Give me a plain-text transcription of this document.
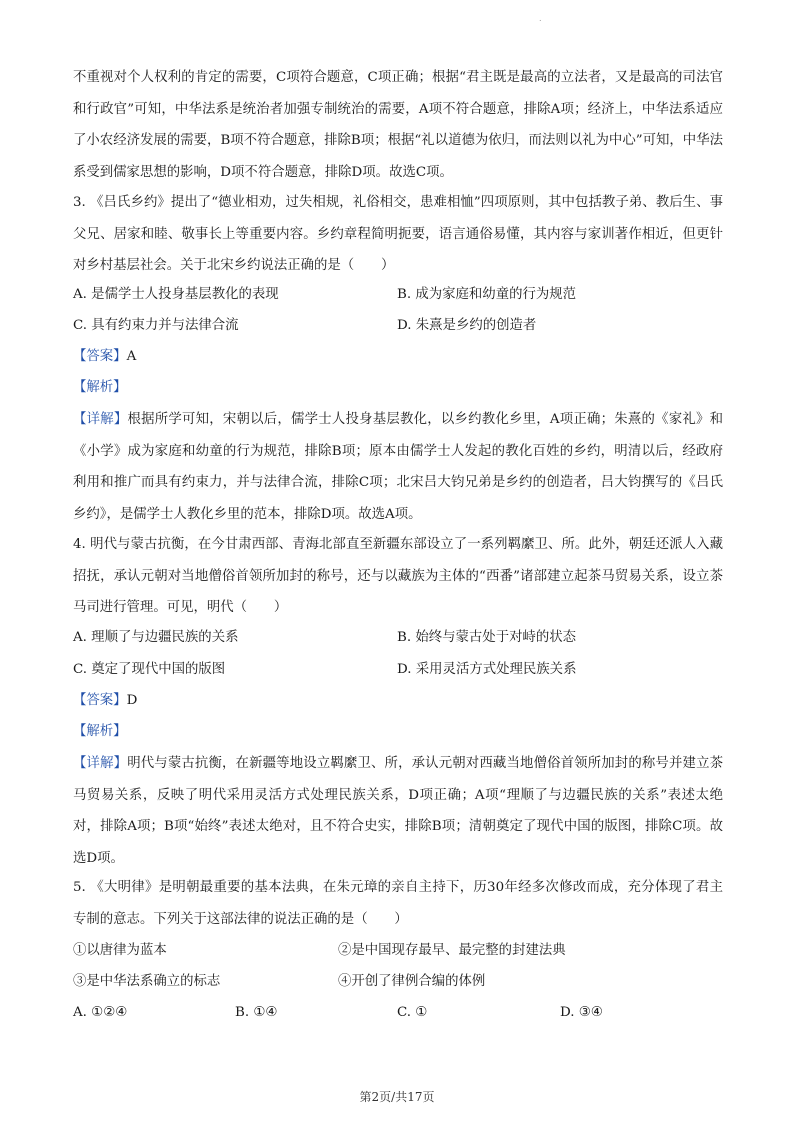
.

不重视对个人权利的肯定的需要，C项符合题意，C项正确；根据“君主既是最高的立法者，又是最高的司法官和行政官”可知，中华法系是统治者加强专制统治的需要，A项不符合题意，排除A项；经济上，中华法系适应了小农经济发展的需要，B项不符合题意，排除B项；根据“礼以道德为依归，而法则以礼为中心”可知，中华法系受到儒家思想的影响，D项不符合题意，排除D项。故选C项。

3. 《吕氏乡约》提出了“德业相劝，过失相规，礼俗相交，患难相恤”四项原则，其中包括教子弟、教后生、事父兄、居家和睦、敬事长上等重要内容。乡约章程简明扼要，语言通俗易懂，其内容与家训著作相近，但更针对乡村基层社会。关于北宋乡约说法正确的是（　　）

A. 是儒学士人投身基层教化的表现	B. 成为家庭和幼童的行为规范
C. 具有约束力并与法律合流	D. 朱熹是乡约的创造者
【答案】A
【解析】

【详解】根据所学可知，宋朝以后，儒学士人投身基层教化，以乡约教化乡里，A项正确；朱熹的《家礼》和《小学》成为家庭和幼童的行为规范，排除B项；原本由儒学士人发起的教化百姓的乡约，明清以后，经政府利用和推广而具有约束力，并与法律合流，排除C项；北宋吕大钧兄弟是乡约的创造者，吕大钧撰写的《吕氏乡约》，是儒学士人教化乡里的范本，排除D项。故选A项。

4. 明代与蒙古抗衡，在今甘肃西部、青海北部直至新疆东部设立了一系列羁縻卫、所。此外，朝廷还派人入藏招抚，承认元朝对当地僧俗首领所加封的称号，还与以藏族为主体的“西番”诸部建立起茶马贸易关系，设立茶马司进行管理。可见，明代（　　）

A. 理顺了与边疆民族的关系	B. 始终与蒙古处于对峙的状态
C. 奠定了现代中国的版图	D. 采用灵活方式处理民族关系
【答案】D
【解析】

【详解】明代与蒙古抗衡，在新疆等地设立羁縻卫、所，承认元朝对西藏当地僧俗首领所加封的称号并建立茶马贸易关系，反映了明代采用灵活方式处理民族关系，D项正确；A项“理顺了与边疆民族的关系”表述太绝对，排除A项；B项“始终”表述太绝对，且不符合史实，排除B项；清朝奠定了现代中国的版图，排除C项。故选D项。

5. 《大明律》是明朝最重要的基本法典，在朱元璋的亲自主持下，历30年经多次修改而成，充分体现了君主专制的意志。下列关于这部法律的说法正确的是（　　）

①以唐律为蓝本	②是中国现存最早、最完整的封建法典
③是中华法系确立的标志	④开创了律例合编的体例
A. ①②④	B. ①④	C. ①	D. ③④
第2页/共17页
